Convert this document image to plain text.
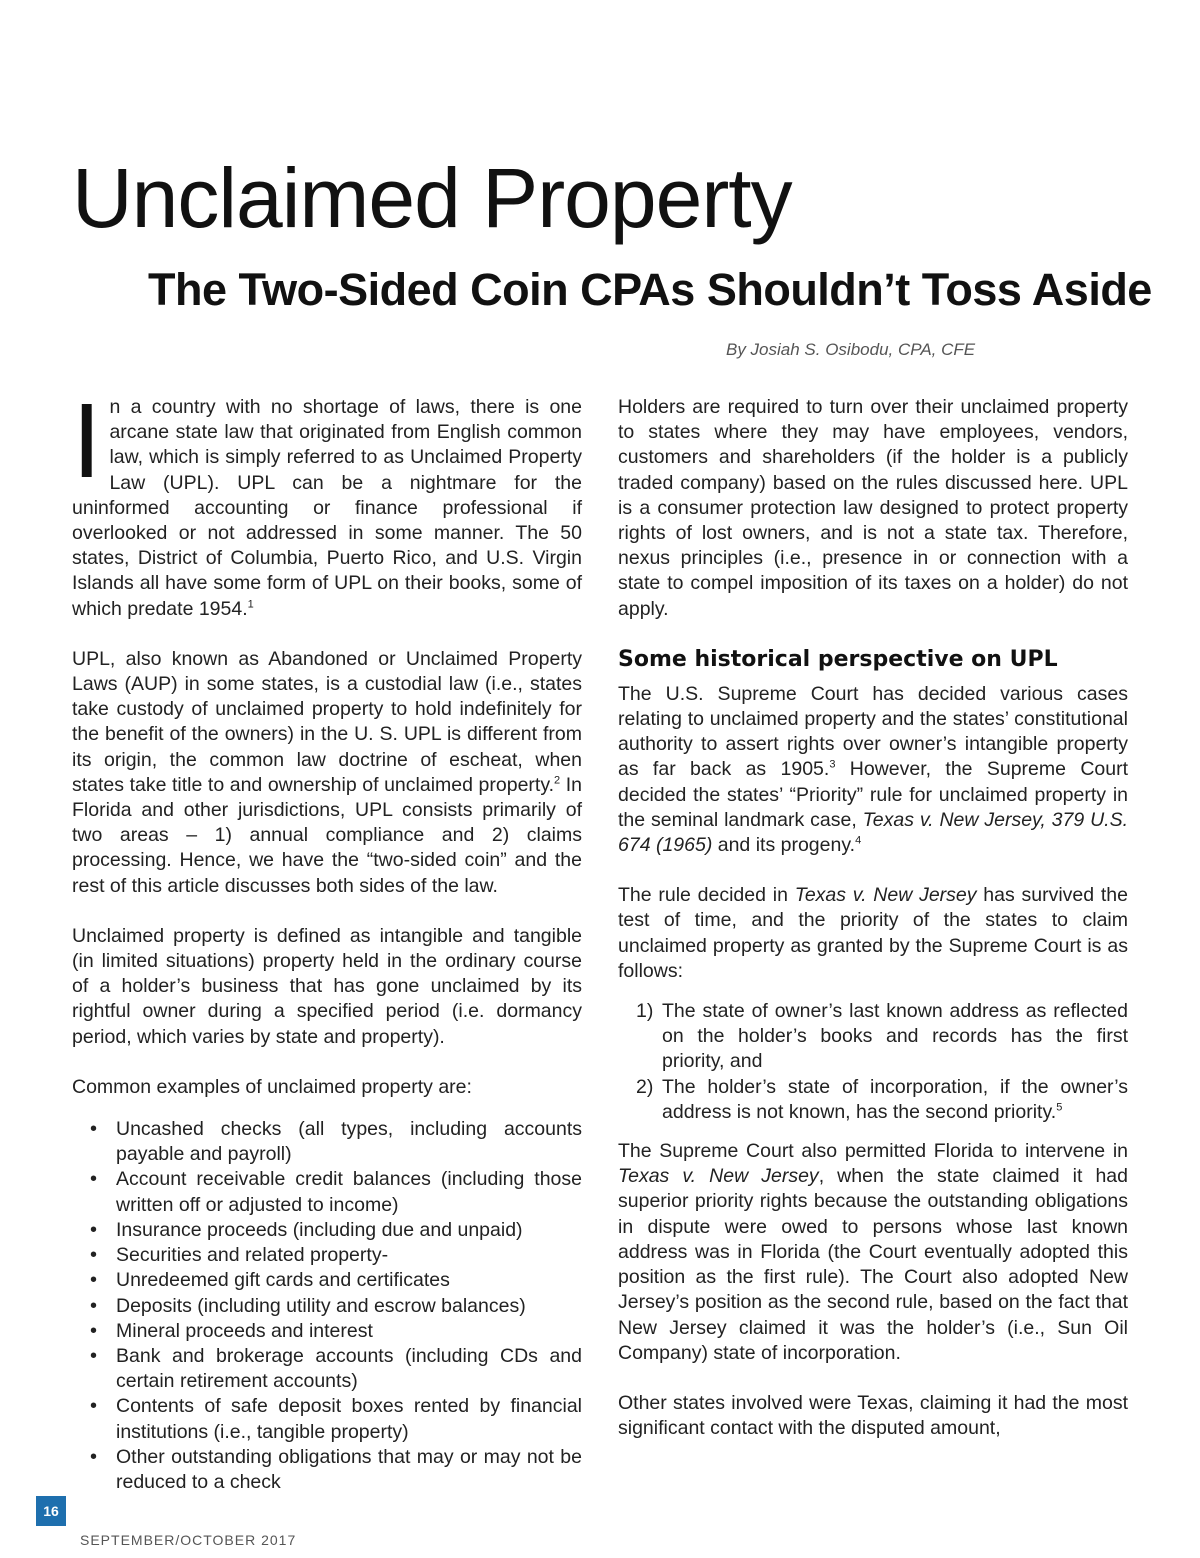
Unclaimed Property
The Two-Sided Coin CPAs Shouldn’t Toss Aside
By Josiah S. Osibodu, CPA, CFE

In a country with no shortage of laws, there is one arcane state law that originated from English common law, which is simply referred to as Unclaimed Property Law (UPL). UPL can be a nightmare for the uninformed accounting or finance professional if overlooked or not addressed in some manner. The 50 states, District of Columbia, Puerto Rico, and U.S. Virgin Islands all have some form of UPL on their books, some of which predate 1954.$^1$

UPL, also known as Abandoned or Unclaimed Property Laws (AUP) in some states, is a custodial law (i.e., states take custody of unclaimed property to hold indefinitely for the benefit of the owners) in the U. S. UPL is different from its origin, the common law doctrine of escheat, when states take title to and ownership of unclaimed property.$^2$ In Florida and other jurisdictions, UPL consists primarily of two areas – 1) annual compliance and 2) claims processing. Hence, we have the “two-sided coin” and the rest of this article discusses both sides of the law.

Unclaimed property is defined as intangible and tangible (in limited situations) property held in the ordinary course of a holder’s business that has gone unclaimed by its rightful owner during a specified period (i.e. dormancy period, which varies by state and property).

Common examples of unclaimed property are:

• Uncashed checks (all types, including accounts payable and payroll)
• Account receivable credit balances (including those written off or adjusted to income)
• Insurance proceeds (including due and unpaid)
• Securities and related property-
• Unredeemed gift cards and certificates
• Deposits (including utility and escrow balances)
• Mineral proceeds and interest
• Bank and brokerage accounts (including CDs and certain retirement accounts)
• Contents of safe deposit boxes rented by financial institutions (i.e., tangible property)
• Other outstanding obligations that may or may not be reduced to a check

Holders are required to turn over their unclaimed property to states where they may have employees, vendors, customers and shareholders (if the holder is a publicly traded company) based on the rules discussed here. UPL is a consumer protection law designed to protect property rights of lost owners, and is not a state tax. Therefore, nexus principles (i.e., presence in or connection with a state to compel imposition of its taxes on a holder) do not apply.

Some historical perspective on UPL

The U.S. Supreme Court has decided various cases relating to unclaimed property and the states’ constitutional authority to assert rights over owner’s intangible property as far back as 1905.$^3$ However, the Supreme Court decided the states’ “Priority” rule for unclaimed property in the seminal landmark case, Texas v. New Jersey, 379 U.S. 674 (1965) and its progeny.$^4$

The rule decided in Texas v. New Jersey has survived the test of time, and the priority of the states to claim unclaimed property as granted by the Supreme Court is as follows:

1) The state of owner’s last known address as reflected on the holder’s books and records has the first priority, and
2) The holder’s state of incorporation, if the owner’s address is not known, has the second priority.$^5$

The Supreme Court also permitted Florida to intervene in Texas v. New Jersey, when the state claimed it had superior priority rights because the outstanding obligations in dispute were owed to persons whose last known address was in Florida (the Court eventually adopted this position as the first rule). The Court also adopted New Jersey’s position as the second rule, based on the fact that New Jersey claimed it was the holder’s (i.e., Sun Oil Company) state of incorporation.

Other states involved were Texas, claiming it had the most significant contact with the disputed amount,

16
SEPTEMBER/OCTOBER 2017
